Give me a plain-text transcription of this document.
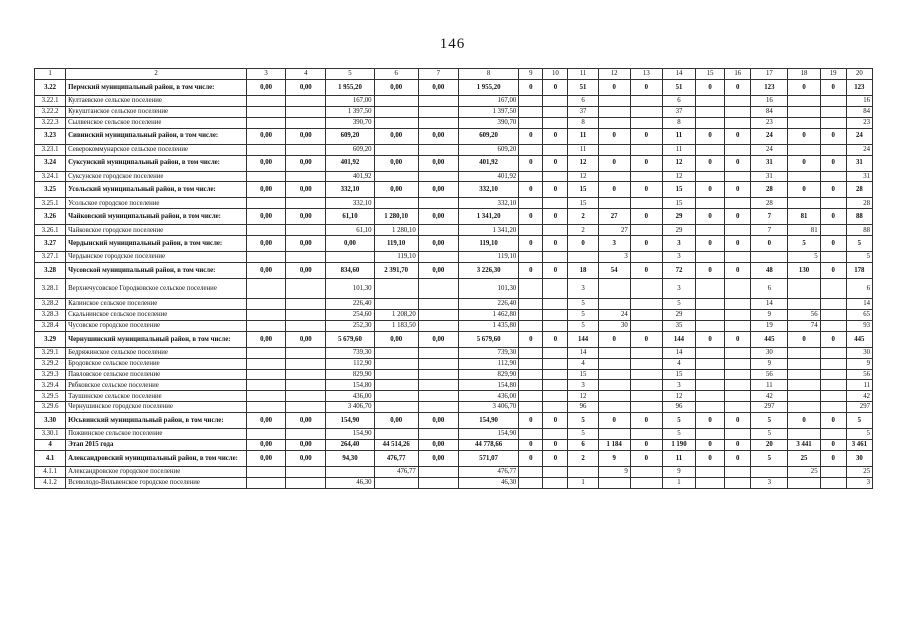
146
1	2	3	4	5	6	7	8	9	10	11	12	13	14	15	16	17	18	19	20
3.22	Пермский муниципальный район, в том числе:	0,00	0,00	1 955,20	0,00	0,00	1 955,20	0	0	51	0	0	51	0	0	123	0	0	123
3.22.1	Култаевское сельское поселение			167,00			167,00			6			6			16			16
3.22.2	Кукуштанское сельское поселение			1 397,50			1 397,50			37			37			84			84
3.22.3	Сылвенское сельское поселение			390,70			390,70			8			8			23			23
3.23	Сивинский муниципальный район, в том числе:	0,00	0,00	609,20	0,00	0,00	609,20	0	0	11	0	0	11	0	0	24	0	0	24
3.23.1	Северокоммунарское сельское поселение			609,20			609,20			11			11			24			24
3.24	Суксунский муниципальный район, в том числе:	0,00	0,00	401,92	0,00	0,00	401,92	0	0	12	0	0	12	0	0	31	0	0	31
3.24.1	Суксунское городское поселение			401,92			401,92			12			12			31			31
3.25	Усольский муниципальный район, в том числе:	0,00	0,00	332,10	0,00	0,00	332,10	0	0	15	0	0	15	0	0	28	0	0	28
3.25.1	Усольское городское поселение			332,10			332,10			15			15			28			28
3.26	Чайковский муниципальный район, в том числе:	0,00	0,00	61,10	1 280,10	0,00	1 341,20	0	0	2	27	0	29	0	0	7	81	0	88
3.26.1	Чайковское городское поселение			61,10	1 280,10		1 341,20			2	27		29			7	81		88
3.27	Чердынский муниципальный район, в том числе:	0,00	0,00	0,00	119,10	0,00	119,10	0	0	0	3	0	3	0	0	0	5	0	5
3.27.1	Чердынское городское поселение				119,10		119,10				3		3				5		5
3.28	Чусовской муниципальный район, в том числе:	0,00	0,00	834,60	2 391,70	0,00	3 226,30	0	0	18	54	0	72	0	0	48	130	0	178
3.28.1	Верхнечусовское Городковское сельское поселение			101,30			101,30			3			3			6			6
3.28.2	Калинское сельское поселение			226,40			226,40			5			5			14			14
3.28.3	Скальнинское сельское поселение			254,60	1 208,20		1 462,80			5	24		29			9	56		65
3.28.4	Чусовское городское поселение			252,30	1 183,50		1 435,80			5	30		35			19	74		93
3.29	Чернушинский муниципальный район, в том числе:	0,00	0,00	5 679,60	0,00	0,00	5 679,60	0	0	144	0	0	144	0	0	445	0	0	445
3.29.1	Бедряжинское сельское поселение			739,30			739,30			14			14			30			30
3.29.2	Бродовское сельское поселение			112,90			112,90			4			4			9			9
3.29.3	Павловское сельское поселение			829,90			829,90			15			15			56			56
3.29.4	Рябковское сельское поселение			154,80			154,80			3			3			11			11
3.29.5	Таушинское сельское поселение			436,00			436,00			12			12			42			42
3.29.6	Чернушинское городское поселение			3 406,70			3 406,70			96			96			297			297
3.30	Юсьвинский муниципальный район, в том числе:	0,00	0,00	154,90	0,00	0,00	154,90	0	0	5	0	0	5	0	0	5	0	0	5
3.30.1	Пожвинское сельское поселение			154,90			154,90			5			5			5			5
4	Этап 2015 года	0,00	0,00	264,40	44 514,26	0,00	44 778,66	0	0	6	1 184	0	1 190	0	0	20	3 441	0	3 461
4.1	Александровский муниципальный район, в том числе:	0,00	0,00	94,30	476,77	0,00	571,07	0	0	2	9	0	11	0	0	5	25	0	30
4.1.1	Александровское городское поселение				476,77		476,77				9		9				25		25
4.1.2	Всеволодо-Вильвенское городское поселение			46,30			46,30			1			1			3			3
